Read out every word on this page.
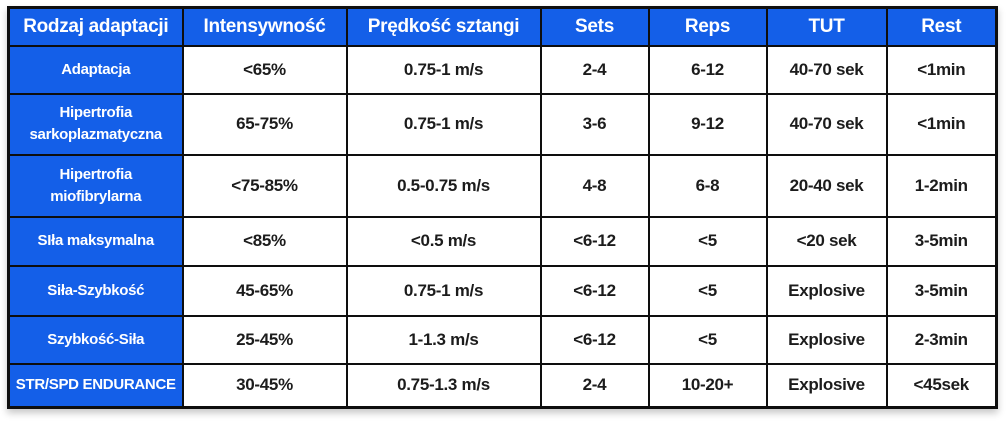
Rodzaj adaptacji	Intensywność	Prędkość sztangi	Sets	Reps	TUT	Rest
Adaptacja	<65%	0.75-1 m/s	2-4	6-12	40-70 sek	<1min
Hipertrofia sarkoplazmatyczna	65-75%	0.75-1 m/s	3-6	9-12	40-70 sek	<1min
Hipertrofia miofibrylarna	<75-85%	0.5-0.75 m/s	4-8	6-8	20-40 sek	1-2min
SIła maksymalna	<85%	<0.5 m/s	<6-12	<5	<20 sek	3-5min
Siła-Szybkość	45-65%	0.75-1 m/s	<6-12	<5	Explosive	3-5min
Szybkość-Siła	25-45%	1-1.3 m/s	<6-12	<5	Explosive	2-3min
STR/SPD ENDURANCE	30-45%	0.75-1.3 m/s	2-4	10-20+	Explosive	<45sek
